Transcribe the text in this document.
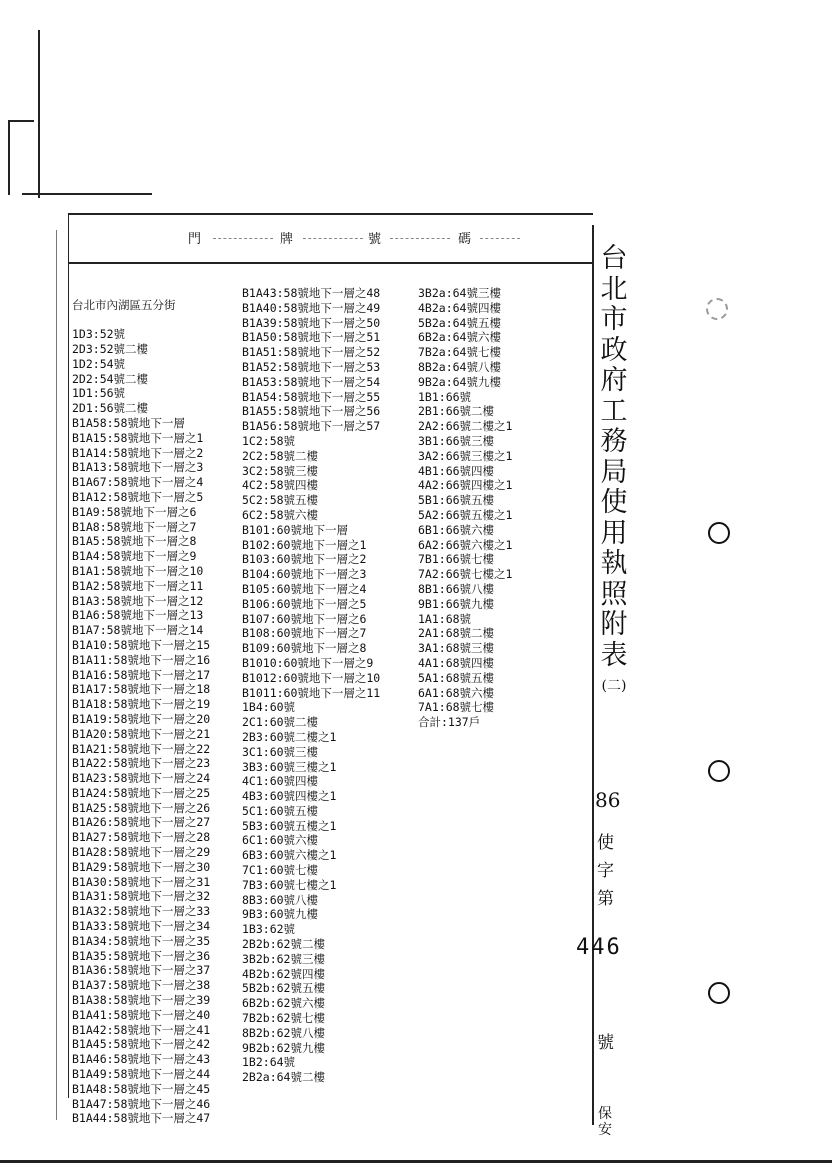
門	牌	號	碼

台北市內湖區五分街

1D3:52號
2D3:52號二樓
1D2:54號
2D2:54號二樓
1D1:56號
2D1:56號二樓
B1A58:58號地下一層
B1A15:58號地下一層之1
B1A14:58號地下一層之2
B1A13:58號地下一層之3
B1A67:58號地下一層之4
B1A12:58號地下一層之5
B1A9:58號地下一層之6
B1A8:58號地下一層之7
B1A5:58號地下一層之8
B1A4:58號地下一層之9
B1A1:58號地下一層之10
B1A2:58號地下一層之11
B1A3:58號地下一層之12
B1A6:58號地下一層之13
B1A7:58號地下一層之14
B1A10:58號地下一層之15
B1A11:58號地下一層之16
B1A16:58號地下一層之17
B1A17:58號地下一層之18
B1A18:58號地下一層之19
B1A19:58號地下一層之20
B1A20:58號地下一層之21
B1A21:58號地下一層之22
B1A22:58號地下一層之23
B1A23:58號地下一層之24
B1A24:58號地下一層之25
B1A25:58號地下一層之26
B1A26:58號地下一層之27
B1A27:58號地下一層之28
B1A28:58號地下一層之29
B1A29:58號地下一層之30
B1A30:58號地下一層之31
B1A31:58號地下一層之32
B1A32:58號地下一層之33
B1A33:58號地下一層之34
B1A34:58號地下一層之35
B1A35:58號地下一層之36
B1A36:58號地下一層之37
B1A37:58號地下一層之38
B1A38:58號地下一層之39
B1A41:58號地下一層之40
B1A42:58號地下一層之41
B1A45:58號地下一層之42
B1A46:58號地下一層之43
B1A49:58號地下一層之44
B1A48:58號地下一層之45
B1A47:58號地下一層之46
B1A44:58號地下一層之47
B1A43:58號地下一層之48
B1A40:58號地下一層之49
B1A39:58號地下一層之50
B1A50:58號地下一層之51
B1A51:58號地下一層之52
B1A52:58號地下一層之53
B1A53:58號地下一層之54
B1A54:58號地下一層之55
B1A55:58號地下一層之56
B1A56:58號地下一層之57
1C2:58號
2C2:58號二樓
3C2:58號三樓
4C2:58號四樓
5C2:58號五樓
6C2:58號六樓
B101:60號地下一層
B102:60號地下一層之1
B103:60號地下一層之2
B104:60號地下一層之3
B105:60號地下一層之4
B106:60號地下一層之5
B107:60號地下一層之6
B108:60號地下一層之7
B109:60號地下一層之8
B1010:60號地下一層之9
B1012:60號地下一層之10
B1011:60號地下一層之11
1B4:60號
2C1:60號二樓
2B3:60號二樓之1
3C1:60號三樓
3B3:60號三樓之1
4C1:60號四樓
4B3:60號四樓之1
5C1:60號五樓
5B3:60號五樓之1
6C1:60號六樓
6B3:60號六樓之1
7C1:60號七樓
7B3:60號七樓之1
8B3:60號八樓
9B3:60號九樓
1B3:62號
2B2b:62號二樓
3B2b:62號三樓
4B2b:62號四樓
5B2b:62號五樓
6B2b:62號六樓
7B2b:62號七樓
8B2b:62號八樓
9B2b:62號九樓
1B2:64號
2B2a:64號二樓
3B2a:64號三樓
4B2a:64號四樓
5B2a:64號五樓
6B2a:64號六樓
7B2a:64號七樓
8B2a:64號八樓
9B2a:64號九樓
1B1:66號
2B1:66號二樓
2A2:66號二樓之1
3B1:66號三樓
3A2:66號三樓之1
4B1:66號四樓
4A2:66號四樓之1
5B1:66號五樓
5A2:66號五樓之1
6B1:66號六樓
6A2:66號六樓之1
7B1:66號七樓
7A2:66號七樓之1
8B1:66號八樓
9B1:66號九樓
1A1:68號
2A1:68號二樓
3A1:68號三樓
4A1:68號四樓
5A1:68號五樓
6A1:68號六樓
7A1:68號七樓
合計:137戶
台
北
市
政
府
工
務
局
使
用
執
照
附
表
(二)
86
使
字
第
446
號
保
安
